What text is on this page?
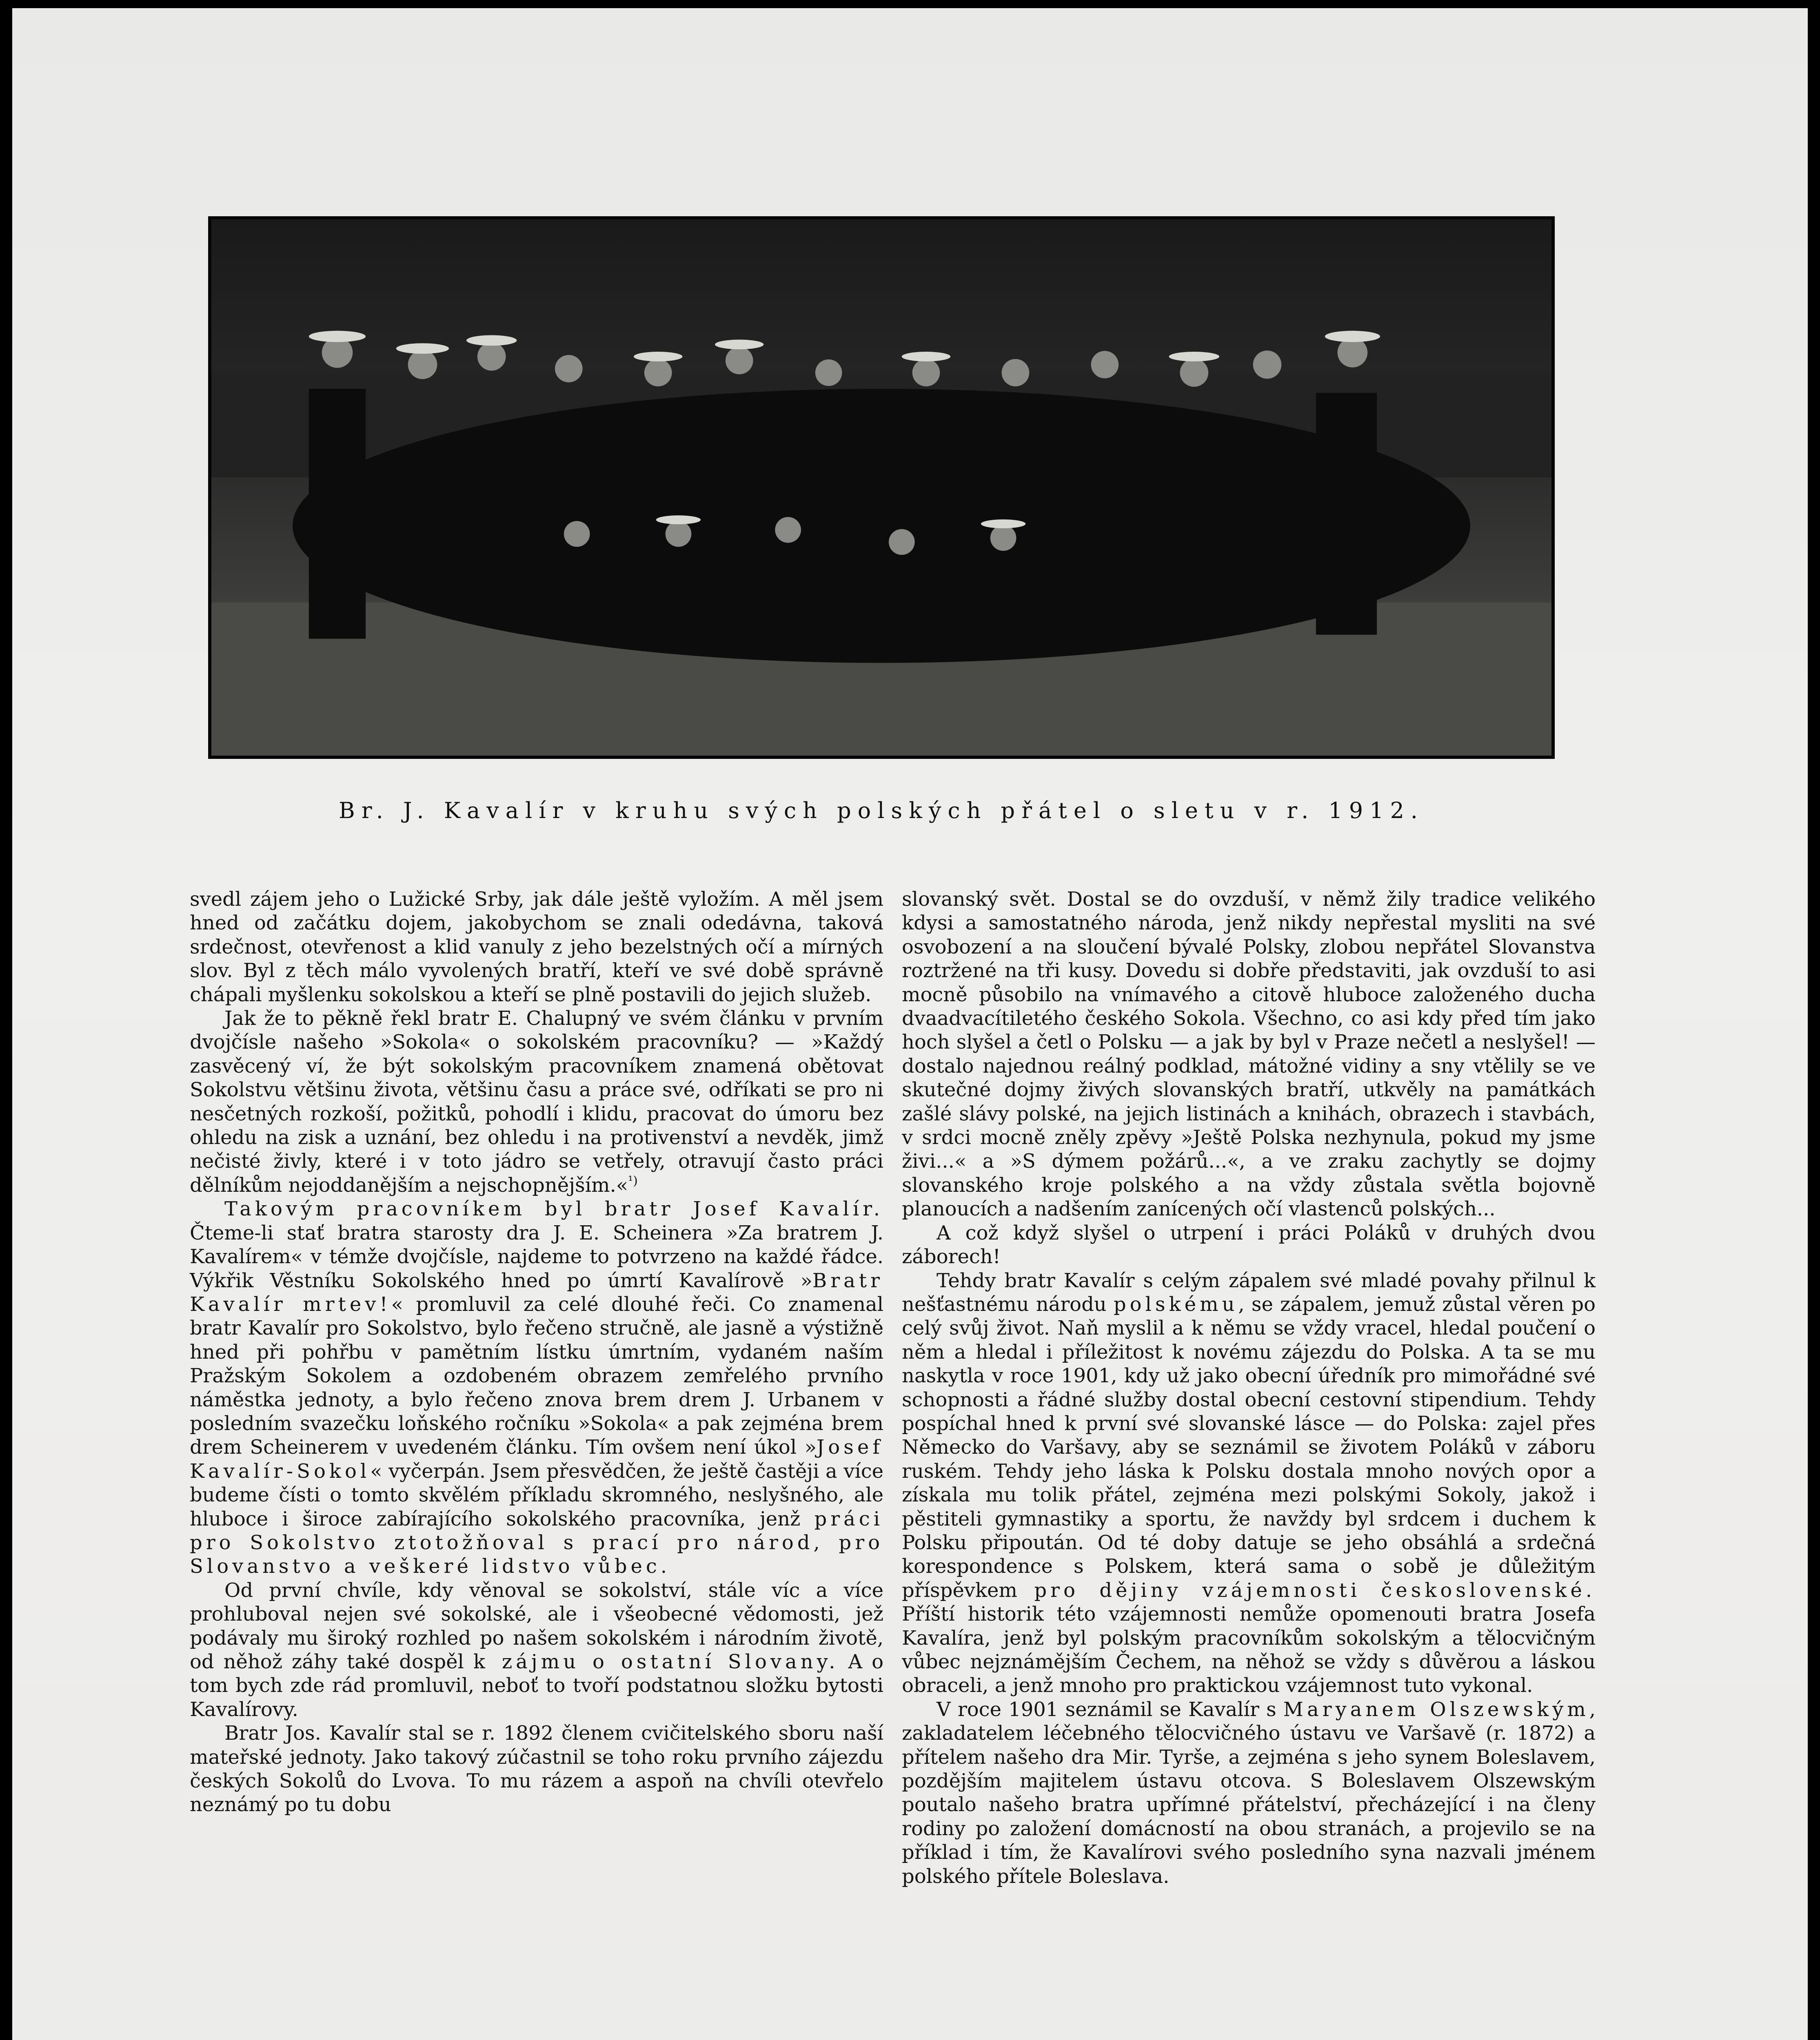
Br. J. Kavalír v kruhu svých polských přátel o sletu v r. 1912.

svedl zájem jeho o Lužické Srby, jak dále ještě vyložím. A měl jsem hned od začátku dojem, jakobychom se znali odedávna, taková srdečnost, otevřenost a klid vanuly z jeho bezelstných očí a mírných slov. Byl z těch málo vyvolených bratří, kteří ve své době správně chápali myšlenku sokolskou a kteří se plně postavili do jejich služeb.

Jak že to pěkně řekl bratr E. Chalupný ve svém článku v prvním dvojčísle našeho »Sokola« o sokolském pracovníku? — »Každý zasvěcený ví, že být sokolským pracovníkem znamená obětovat Sokolstvu většinu života, většinu času a práce své, odříkati se pro ni nesčetných rozkoší, požitků, pohodlí i klidu, pracovat do úmoru bez ohledu na zisk a uznání, bez ohledu i na protivenství a nevděk, jimž nečisté živly, které i v toto jádro se vetřely, otravují často práci dělníkům nejoddanějším a nejschopnějším.«$^{^1)}$

Takovým pracovníkem byl bratr Josef Kavalír. Čteme-li stať bratra starosty dra J. E. Scheinera »Za bratrem J. Kavalírem« v témže dvojčísle, najdeme to potvrzeno na každé řádce. Výkřik Věstníku Sokolského hned po úmrtí Kavalírově »Bratr Kavalír mrtev!« promluvil za celé dlouhé řeči. Co znamenal bratr Kavalír pro Sokolstvo, bylo řečeno stručně, ale jasně a výstižně hned při pohřbu v pamětním lístku úmrtním, vydaném naším Pražským Sokolem a ozdobeném obrazem zemřelého prvního náměstka jednoty, a bylo řečeno znova brem drem J. Urbanem v posledním svazečku loňského ročníku »Sokola« a pak zejména brem drem Scheinerem v uvedeném článku. Tím ovšem není úkol »Josef Kavalír-Sokol« vyčerpán. Jsem přesvědčen, že ještě častěji a více budeme čísti o tomto skvělém příkladu skromného, neslyšného, ale hluboce i široce zabírajícího sokolského pracovníka, jenž práci pro Sokolstvo ztotožňoval s prací pro národ, pro Slovanstvo a veškeré lidstvo vůbec.

Od první chvíle, kdy věnoval se sokolství, stále víc a více prohluboval nejen své sokolské, ale i všeobecné vědomosti, jež podávaly mu široký rozhled po našem sokolském i národním životě, od něhož záhy také dospěl k zájmu o ostatní Slovany. A o tom bych zde rád promluvil, neboť to tvoří podstatnou složku bytosti Kavalírovy.

Bratr Jos. Kavalír stal se r. 1892 členem cvičitelského sboru naší mateřské jednoty. Jako takový zúčastnil se toho roku prvního zájezdu českých Sokolů do Lvova. To mu rázem a aspoň na chvíli otevřelo neznámý po tu dobu

slovanský svět. Dostal se do ovzduší, v němž žily tradice velikého kdysi a samostatného národa, jenž nikdy nepřestal mysliti na své osvobození a na sloučení bývalé Polsky, zlobou nepřátel Slovanstva roztržené na tři kusy. Dovedu si dobře představiti, jak ovzduší to asi mocně působilo na vnímavého a citově hlubоce založeného ducha dvaadvacítiletého českého Sokola. Všechno, co asi kdy před tím jako hoch slyšel a četl o Polsku — a jak by byl v Praze nečetl a neslyšel! — dostalo najednou reálný podklad, mátožné vidiny a sny vtělily se ve skutečné dojmy živých slovanských bratří, utkvěly na památkách zašlé slávy polské, na jejich listinách a knihách, obrazech i stavbách, v srdci mocně zněly zpěvy »Ještě Polska nezhynula, pokud my jsme živi...« a »S dýmem požárů...«, a ve zraku zachytly se dojmy slovanského kroje polského a na vždy zůstala světla bojovně planoucích a nadšením zanícených očí vlastenců polských...

A což když slyšel o utrpení i práci Poláků v druhých dvou záborech!

Tehdy bratr Kavalír s celým zápalem své mladé povahy přilnul k nešťastnému národu polskému, se zápalem, jemuž zůstal věren po celý svůj život. Naň myslil a k němu se vždy vracel, hledal poučení o něm a hledal i příležitost k novému zájezdu do Polska. A ta se mu naskytla v roce 1901, kdy už jako obecní úředník pro mimořádné své schopnosti a řádné služby dostal obecní cestovní stipendium. Tehdy pospíchal hned k první své slovanské lásce — do Polska: zajel přes Německo do Varšavy, aby se seznámil se životem Poláků v záboru ruském. Tehdy jeho láska k Polsku dostala mnoho nových opor a získala mu tolik přátel, zejména mezi polskými Sokoly, jakož i pěstiteli gymnastiky a sportu, že navždy byl srdcem i duchem k Polsku připoután. Od té doby datuje se jeho obsáhlá a srdečná korespondence s Polskem, která sama o sobě je důležitým příspěvkem pro dějiny vzájemnosti československé. Příští historik této vzájemnosti nemůže opomenouti bratra Josefa Kavalíra, jenž byl polským pracovníkům sokolským a tělocvičným vůbec nejznámějším Čechem, na něhož se vždy s důvěrou a láskou obraceli, a jenž mnoho pro praktickou vzájemnost tuto vykonal.

V roce 1901 seznámil se Kavalír s Maryanem Olszewským, zakladatelem léčebného tělocvičného ústavu ve Varšavě (r. 1872) a přítelem našeho dra Mir. Tyrše, a zejména s jeho synem Boleslavem, pozdějším majitelem ústavu otcova. S Boleslavem Olszewským poutalo našeho bratra upřímné přátelství, přecházející i na členy rodiny po založení domácností na obou stranách, a projevilo se na příklad i tím, že Kavalírovi svého posledního syna nazvali jménem polského přítele Boleslava.
